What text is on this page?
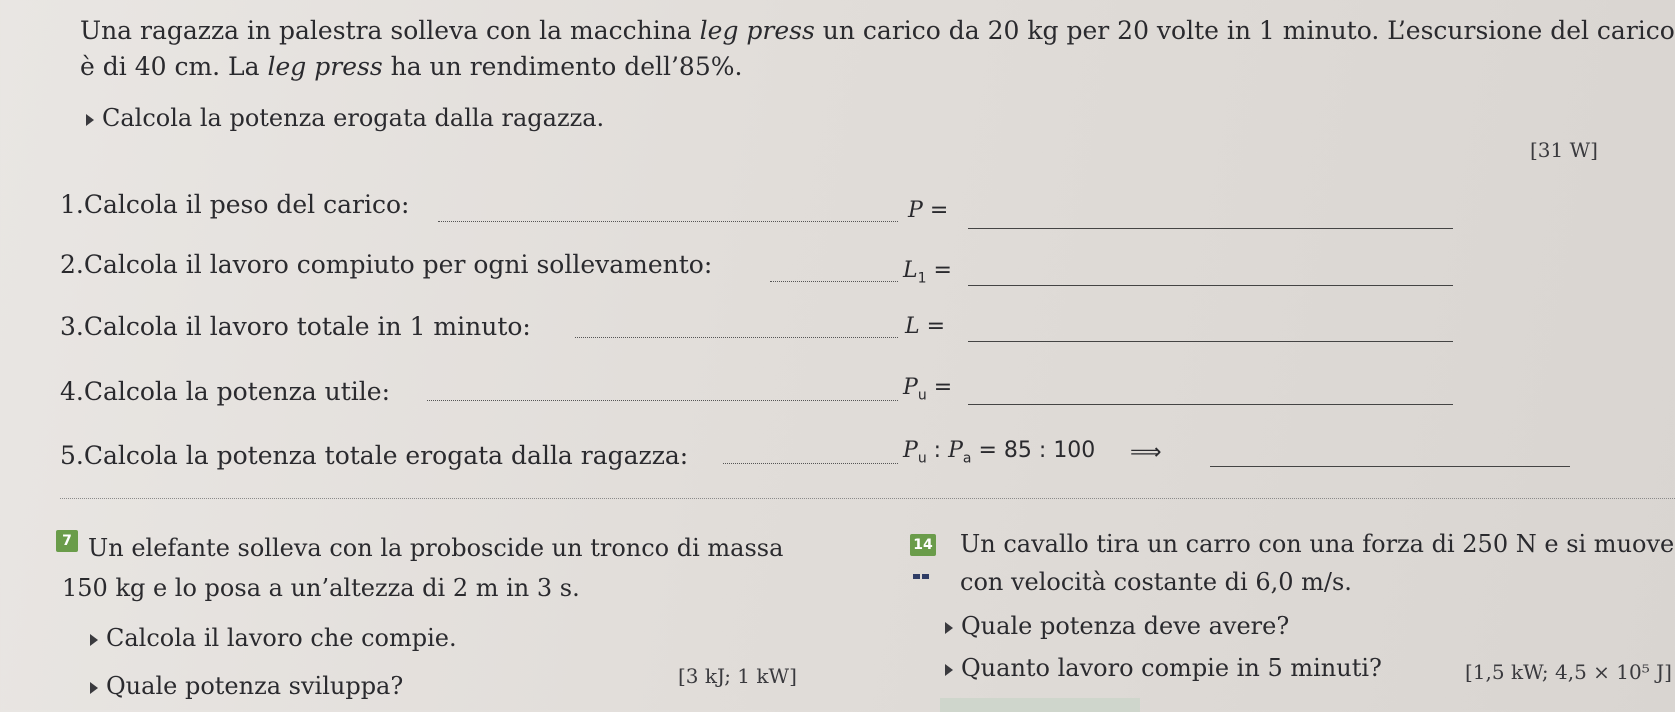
Una ragazza in palestra solleva con la macchina leg press un carico da 20 kg per 20 volte in 1 minuto. L’escursione del carico
è di 40 cm. La leg press ha un rendimento dell’85%.
Calcola la potenza erogata dalla ragazza.
[31 W]
1.Calcola il peso del carico:	P =
2.Calcola il lavoro compiuto per ogni sollevamento:	$L_1$ =
3.Calcola il lavoro totale in 1 minuto:	L =
4.Calcola la potenza utile:	$P_u$ =
5.Calcola la potenza totale erogata dalla ragazza:	$P_u$ : $P_a = 85$ : 100 ⟹
7 Un elefante solleva con la proboscide un tronco di massa
150 kg e lo posa a un’altezza di 2 m in 3 s.
Calcola il lavoro che compie.
Quale potenza sviluppa?	[3 kJ; 1 kW]
14 Un cavallo tira un carro con una forza di 250 N e si muove
con velocità costante di 6,0 m/s.
Quale potenza deve avere?
Quanto lavoro compie in 5 minuti?	[1,5 kW; 4,5 × 10⁵ J]
